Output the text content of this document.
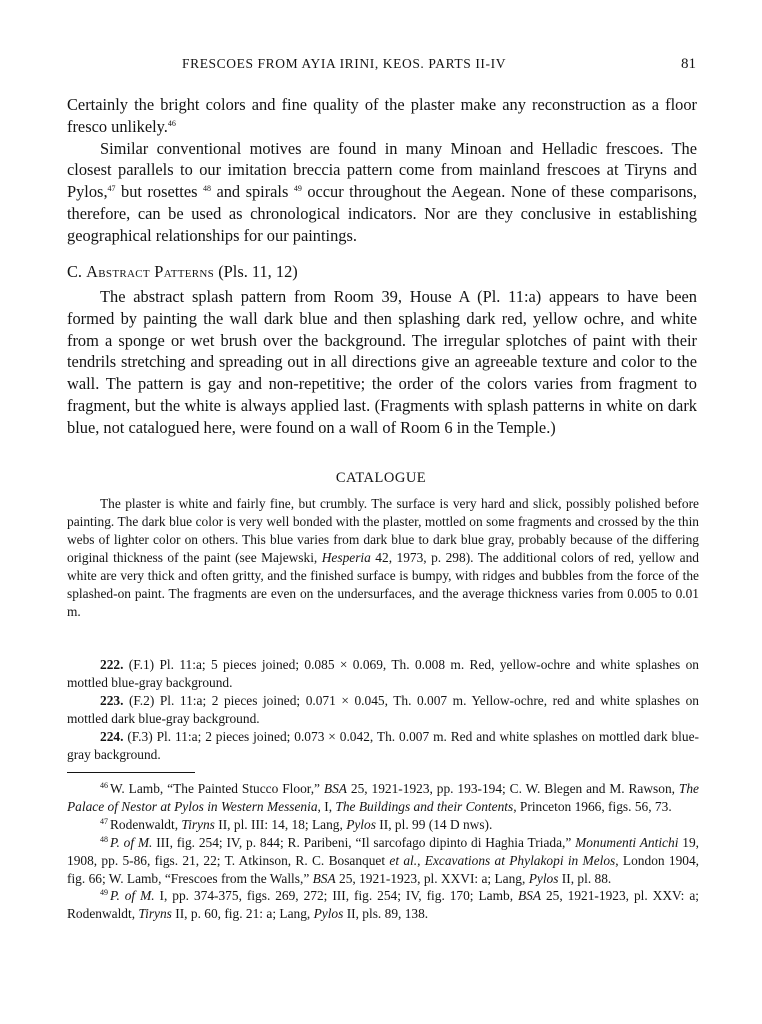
FRESCOES FROM AYIA IRINI, KEOS. PARTS II-IV	81

Certainly the bright colors and fine quality of the plaster make any reconstruction as a floor fresco unlikely.$^{46}$

Similar conventional motives are found in many Minoan and Helladic frescoes. The closest parallels to our imitation breccia pattern come from mainland frescoes at Tiryns and Pylos,$^{47}$ but rosettes $^{48}$ and spirals $^{49}$ occur throughout the Aegean. None of these comparisons, therefore, can be used as chronological indicators. Nor are they conclusive in establishing geographical relationships for our paintings.

C. Abstract Patterns (Pls. 11, 12)

The abstract splash pattern from Room 39, House A (Pl. 11:a) appears to have been formed by painting the wall dark blue and then splashing dark red, yellow ochre, and white from a sponge or wet brush over the background. The irregular splotches of paint with their tendrils stretching and spreading out in all directions give an agreeable texture and color to the wall. The pattern is gay and non-repetitive; the order of the colors varies from fragment to fragment, but the white is always applied last. (Fragments with splash patterns in white on dark blue, not catalogued here, were found on a wall of Room 6 in the Temple.)

CATALOGUE

The plaster is white and fairly fine, but crumbly. The surface is very hard and slick, possibly polished before painting. The dark blue color is very well bonded with the plaster, mottled on some fragments and crossed by the thin webs of lighter color on others. This blue varies from dark blue to dark blue gray, probably because of the differing original thickness of the paint (see Majewski, Hesperia 42, 1973, p. 298). The additional colors of red, yellow and white are very thick and often gritty, and the finished surface is bumpy, with ridges and bubbles from the force of the splashed-on paint. The fragments are even on the undersurfaces, and the average thickness varies from 0.005 to 0.01 m.

222. (F.1) Pl. 11:a; 5 pieces joined; 0.085 × 0.069, Th. 0.008 m. Red, yellow-ochre and white splashes on mottled blue-gray background.

223. (F.2) Pl. 11:a; 2 pieces joined; 0.071 × 0.045, Th. 0.007 m. Yellow-ochre, red and white splashes on mottled dark blue-gray background.

224. (F.3) Pl. 11:a; 2 pieces joined; 0.073 × 0.042, Th. 0.007 m. Red and white splashes on mottled dark blue-gray background.

$^{46}$ W. Lamb, “The Painted Stucco Floor,” BSA 25, 1921-1923, pp. 193-194; C. W. Blegen and M. Rawson, The Palace of Nestor at Pylos in Western Messenia, I, The Buildings and their Contents, Princeton 1966, figs. 56, 73.

$^{47}$ Rodenwaldt, Tiryns II, pl. III: 14, 18; Lang, Pylos II, pl. 99 (14 D nws).

$^{48}$ P. of M. III, fig. 254; IV, p. 844; R. Paribeni, “Il sarcofago dipinto di Haghia Triada,” Monumenti Antichi 19, 1908, pp. 5-86, figs. 21, 22; T. Atkinson, R. C. Bosanquet et al., Excavations at Phylakopi in Melos, London 1904, fig. 66; W. Lamb, “Frescoes from the Walls,” BSA 25, 1921-1923, pl. XXVI: a; Lang, Pylos II, pl. 88.

$^{49}$ P. of M. I, pp. 374-375, figs. 269, 272; III, fig. 254; IV, fig. 170; Lamb, BSA 25, 1921-1923, pl. XXV: a; Rodenwaldt, Tiryns II, p. 60, fig. 21: a; Lang, Pylos II, pls. 89, 138.
